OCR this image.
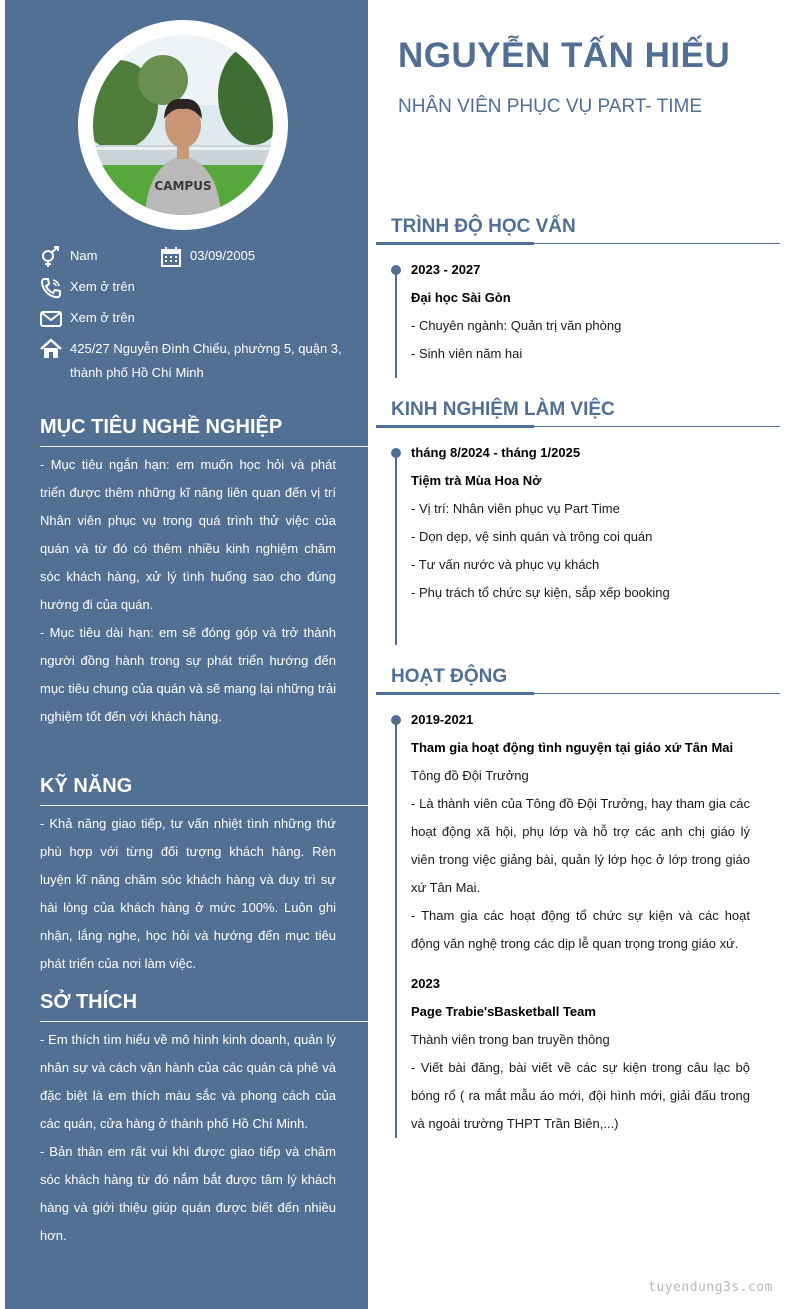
CAMPUS
Nam	03/09/2005
Xem ở trên
Xem ở trên
425/27 Nguyễn Đình Chiểu, phường 5, quận 3,
thành phố Hồ Chí Minh
MỤC TIÊU NGHỀ NGHIỆP

- Mục tiêu ngắn hạn: em muốn học hỏi và phát triển được thêm những kĩ năng liên quan đến vị trí Nhân viên phục vụ trong quá trình thử việc của quán và từ đó có thêm nhiều kinh nghiệm chăm sóc khách hàng, xử lý tình huống sao cho đúng hướng đi của quán.

- Mục tiêu dài hạn: em sẽ đóng góp và trở thành người đồng hành trong sự phát triển hướng đến mục tiêu chung của quán và sẽ mang lại những trải nghiệm tốt đến với khách hàng.

KỸ NĂNG

- Khả năng giao tiếp, tư vấn nhiệt tình những thứ phù hợp với từng đối tượng khách hàng. Rèn luyện kĩ năng chăm sóc khách hàng và duy trì sự hài lòng của khách hàng ở mức 100%. Luôn ghi nhận, lắng nghe, học hỏi và hướng đến mục tiêu phát triển của nơi làm việc.

SỞ THÍCH

- Em thích tìm hiểu về mô hình kinh doanh, quản lý nhân sự và cách vận hành của các quán cà phê và đặc biệt là em thích màu sắc và phong cách của các quán, cửa hàng ở thành phố Hồ Chí Minh.

- Bản thân em rất vui khi được giao tiếp và chăm sóc khách hàng từ đó nắm bắt được tâm lý khách hàng và giới thiệu giúp quán được biết đến nhiều hơn.

NGUYỄN TẤN HIẾU
NHÂN VIÊN PHỤC VỤ PART- TIME
TRÌNH ĐỘ HỌC VẤN

2023 - 2027

Đại học Sài Gòn

- Chuyên ngành: Quản trị văn phòng

- Sinh viên năm hai

KINH NGHIỆM LÀM VIỆC

tháng 8/2024 - tháng 1/2025

Tiệm trà Mùa Hoa Nở

- Vị trí: Nhân viên phục vụ Part Time

- Dọn dẹp, vệ sinh quán và trông coi quán

- Tư vấn nước và phục vụ khách

- Phụ trách tổ chức sự kiện, sắp xếp booking

HOẠT ĐỘNG

2019-2021

Tham gia hoạt động tình nguyện tại giáo xứ Tân Mai

Tông đồ Đội Trưởng

- Là thành viên của Tông đồ Đội Trưởng, hay tham gia các hoạt động xã hội, phụ lớp và hỗ trợ các anh chị giáo lý viên trong việc giảng bài, quản lý lớp học ở lớp trong giáo xứ Tân Mai.

- Tham gia các hoạt động tổ chức sự kiện và các hoạt động văn nghệ trong các dịp lễ quan trọng trong giáo xứ.

2023

Page Trabie'sBasketball Team

Thành viên trong ban truyền thông

- Viết bài đăng, bài viết về các sự kiện trong câu lạc bộ bóng rổ ( ra mắt mẫu áo mới, đội hình mới, giải đấu trong và ngoài trường THPT Trần Biên,...)

tuyendung3s.com
